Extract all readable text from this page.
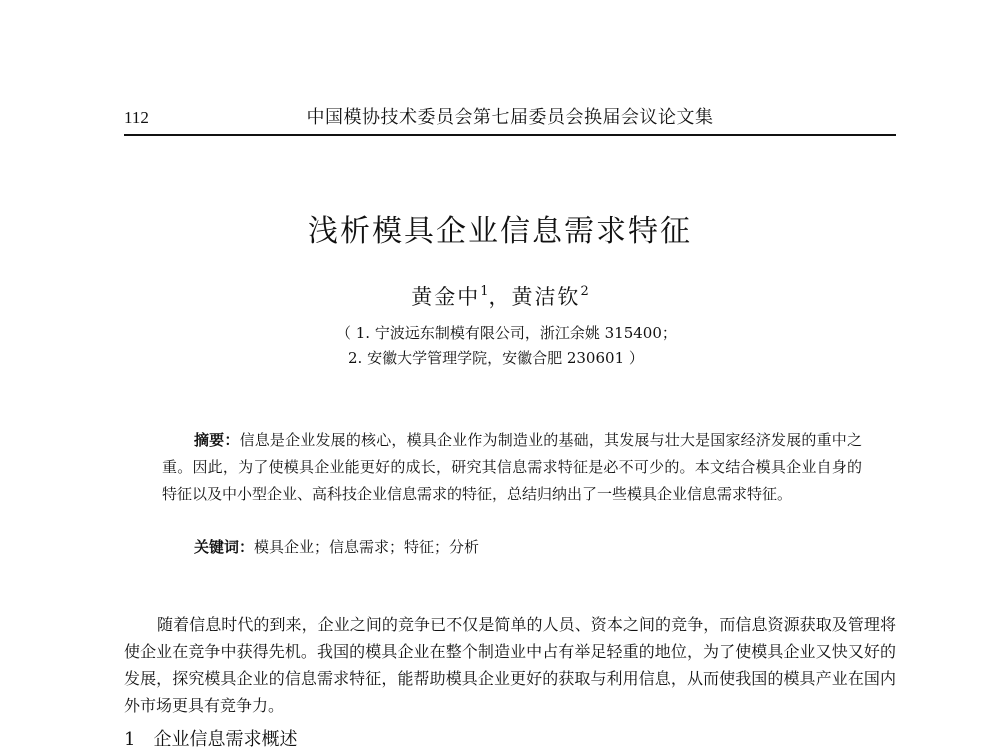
112	中国模协技术委员会第七届委员会换届会议论文集
浅析模具企业信息需求特征
黄金中$^1$，黄洁钦$^2$
（ 1. 宁波远东制模有限公司，浙江余姚 315400；
2. 安徽大学管理学院，安徽合肥 230601 ）

摘要：信息是企业发展的核心，模具企业作为制造业的基础，其发展与壮大是国家经济发展的重中之重。因此，为了使模具企业能更好的成长，研究其信息需求特征是必不可少的。本文结合模具企业自身的特征以及中小型企业、高科技企业信息需求的特征，总结归纳出了一些模具企业信息需求特征。

关键词：模具企业；信息需求；特征；分析

随着信息时代的到来，企业之间的竞争已不仅是简单的人员、资本之间的竞争，而信息资源获取及管理将使企业在竞争中获得先机。我国的模具企业在整个制造业中占有举足轻重的地位，为了使模具企业又快又好的发展，探究模具企业的信息需求特征，能帮助模具企业更好的获取与利用信息，从而使我国的模具产业在国内外市场更具有竞争力。

1　企业信息需求概述
